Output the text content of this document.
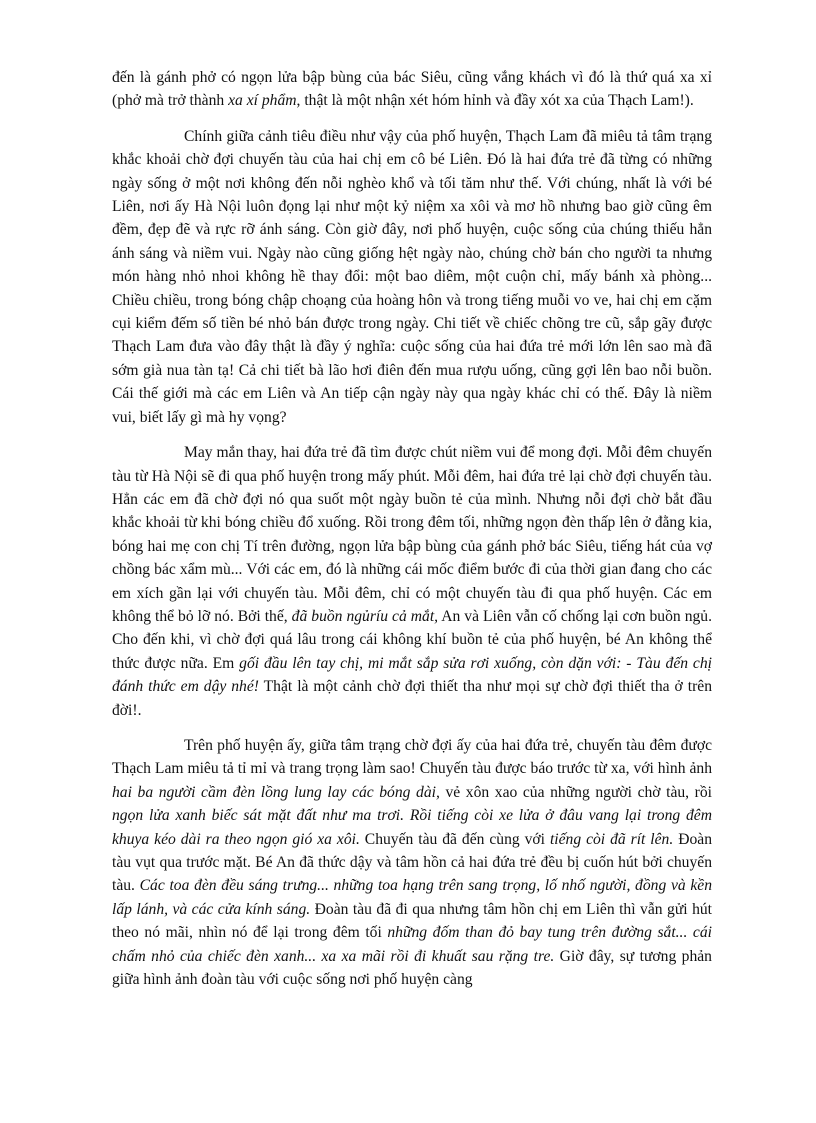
đến là gánh phở có ngọn lửa bập bùng của bác Siêu, cũng vắng khách vì đó là thứ quá xa xỉ (phở mà trở thành xa xí phẩm, thật là một nhận xét hóm hỉnh và đầy xót xa của Thạch Lam!).

Chính giữa cảnh tiêu điều như vậy của phố huyện, Thạch Lam đã miêu tả tâm trạng khắc khoải chờ đợi chuyến tàu của hai chị em cô bé Liên. Đó là hai đứa trẻ đã từng có những ngày sống ở một nơi không đến nỗi nghèo khổ và tối tăm như thế. Với chúng, nhất là với bé Liên, nơi ấy Hà Nội luôn đọng lại như một kỷ niệm xa xôi và mơ hồ nhưng bao giờ cũng êm đềm, đẹp đẽ và rực rỡ ánh sáng. Còn giờ đây, nơi phố huyện, cuộc sống của chúng thiếu hẳn ánh sáng và niềm vui. Ngày nào cũng giống hệt ngày nào, chúng chờ bán cho người ta nhưng món hàng nhỏ nhoi không hề thay đổi: một bao diêm, một cuộn chỉ, mấy bánh xà phòng... Chiều chiều, trong bóng chập choạng của hoàng hôn và trong tiếng muỗi vo ve, hai chị em cặm cụi kiểm đếm số tiền bé nhỏ bán được trong ngày. Chi tiết về chiếc chõng tre cũ, sắp gãy được Thạch Lam đưa vào đây thật là đầy ý nghĩa: cuộc sống của hai đứa trẻ mới lớn lên sao mà đã sớm già nua tàn tạ! Cả chi tiết bà lão hơi điên đến mua rượu uống, cũng gợi lên bao nỗi buồn. Cái thế giới mà các em Liên và An tiếp cận ngày này qua ngày khác chỉ có thế. Đây là niềm vui, biết lấy gì mà hy vọng?

May mắn thay, hai đứa trẻ đã tìm được chút niềm vui để mong đợi. Mỗi đêm chuyến tàu từ Hà Nội sẽ đi qua phố huyện trong mấy phút. Mỗi đêm, hai đứa trẻ lại chờ đợi chuyến tàu. Hẳn các em đã chờ đợi nó qua suốt một ngày buồn tẻ của mình. Nhưng nỗi đợi chờ bắt đầu khắc khoải từ khi bóng chiều đổ xuống. Rồi trong đêm tối, những ngọn đèn thấp lên ở đằng kia, bóng hai mẹ con chị Tí trên đường, ngọn lửa bập bùng của gánh phở bác Siêu, tiếng hát của vợ chồng bác xẩm mù... Với các em, đó là những cái mốc điểm bước đi của thời gian đang cho các em xích gần lại với chuyến tàu. Mỗi đêm, chỉ có một chuyến tàu đi qua phố huyện. Các em không thể bỏ lỡ nó. Bởi thế, đã buồn ngủríu cả mắt, An và Liên vẫn cố chống lại cơn buồn ngủ. Cho đến khi, vì chờ đợi quá lâu trong cái không khí buồn tẻ của phố huyện, bé An không thể thức được nữa. Em gối đầu lên tay chị, mi mắt sắp sửa rơi xuống, còn dặn với: - Tàu đến chị đánh thức em dậy nhé! Thật là một cảnh chờ đợi thiết tha như mọi sự chờ đợi thiết tha ở trên đời!.

Trên phố huyện ấy, giữa tâm trạng chờ đợi ấy của hai đứa trẻ, chuyến tàu đêm được Thạch Lam miêu tả tỉ mỉ và trang trọng làm sao! Chuyến tàu được báo trước từ xa, với hình ảnh hai ba người cầm đèn lồng lung lay các bóng dài, vẻ xôn xao của những người chờ tàu, rồi ngọn lửa xanh biếc sát mặt đất như ma trơi. Rồi tiếng còi xe lửa ở đâu vang lại trong đêm khuya kéo dài ra theo ngọn gió xa xôi. Chuyến tàu đã đến cùng với tiếng còi đã rít lên. Đoàn tàu vụt qua trước mặt. Bé An đã thức dậy và tâm hồn cả hai đứa trẻ đều bị cuốn hút bởi chuyến tàu. Các toa đèn đều sáng trưng... những toa hạng trên sang trọng, lố nhố người, đồng và kền lấp lánh, và các cửa kính sáng. Đoàn tàu đã đi qua nhưng tâm hồn chị em Liên thì vẫn gửi hút theo nó mãi, nhìn nó để lại trong đêm tối những đốm than đỏ bay tung trên đường sắt... cái chấm nhỏ của chiếc đèn xanh... xa xa mãi rồi đi khuất sau rặng tre. Giờ đây, sự tương phản giữa hình ảnh đoàn tàu với cuộc sống nơi phố huyện càng
